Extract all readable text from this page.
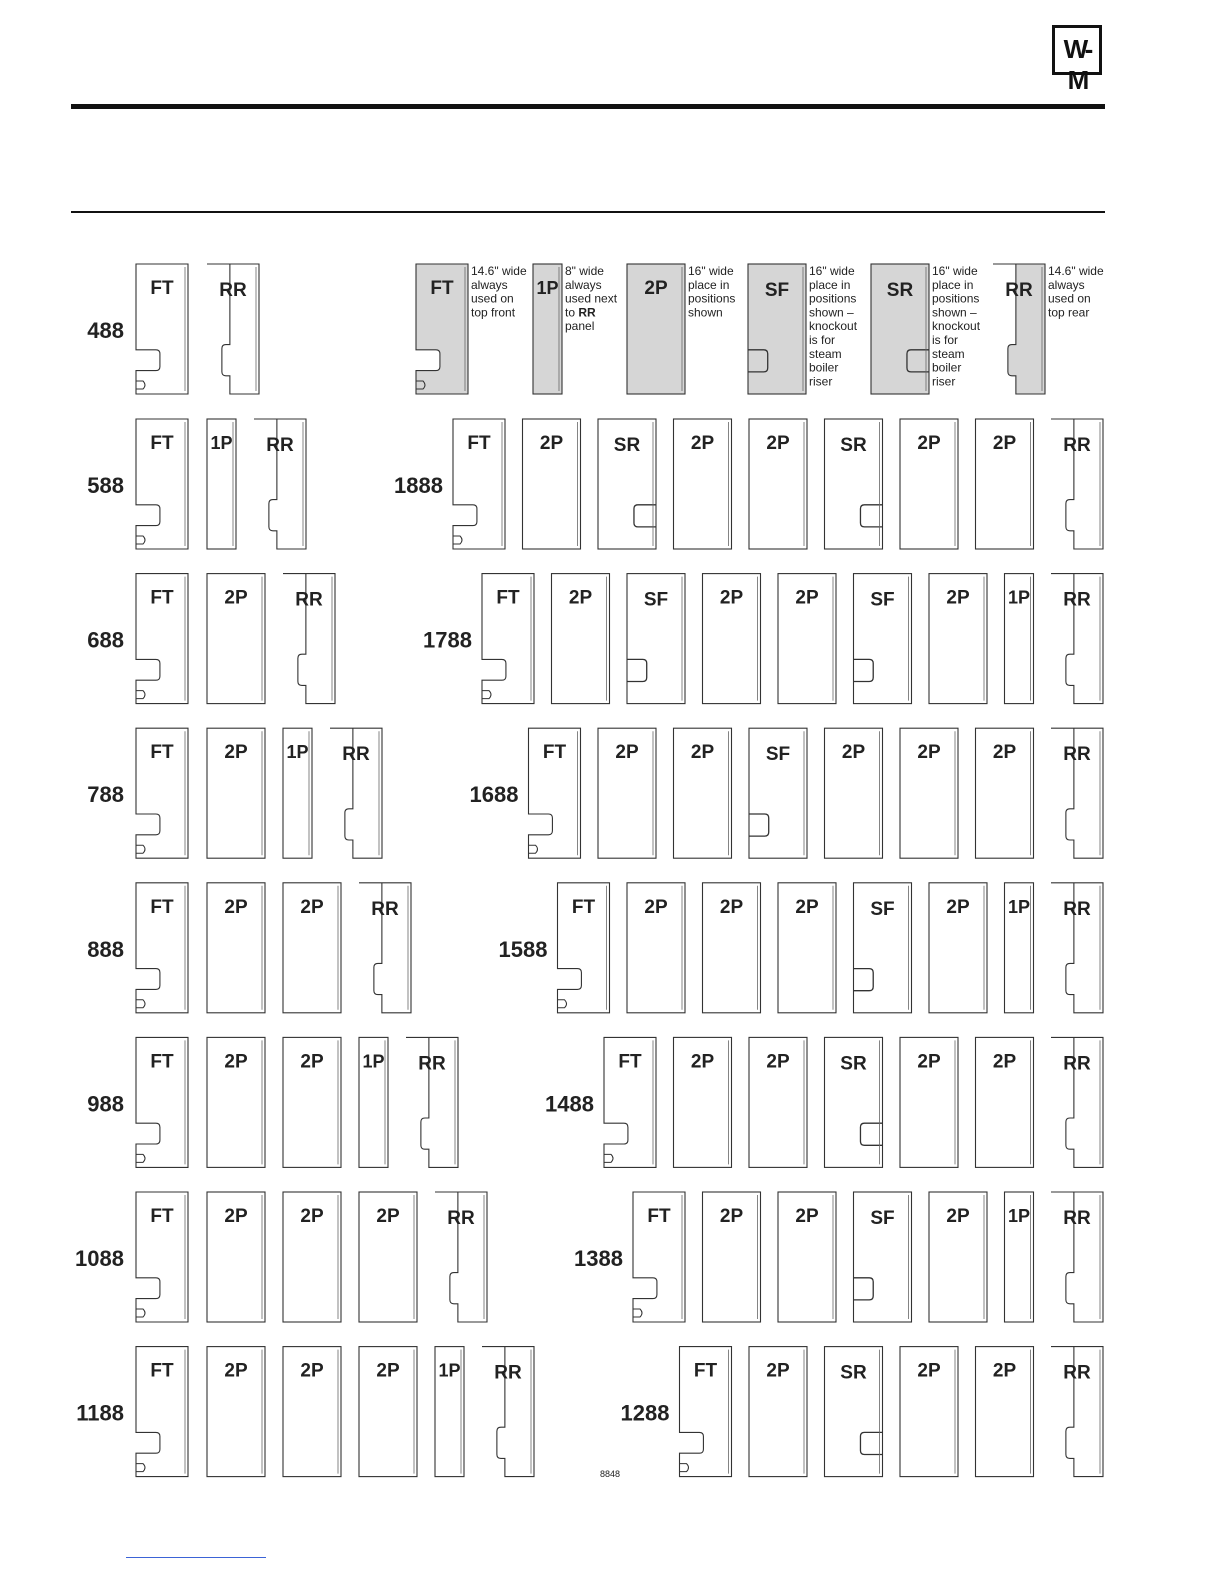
W-M
FT
14.6" wide always used on top front
1P
8" wide always used next to RR panel
2P
16" wide place in positions shown
SF
16" wide place in positions shown – knockout is for steam boiler riser
SR
16" wide place in positions shown – knockout is for steam boiler riser
RR
14.6" wide always used on top rear
488
FT RR
588
FT 1P RR
688
FT	2P	RR
788
FT	2P 1P RR
888
FT	2P	2P	RR
988
FT	2P	2P 1P RR
1088
FT	2P	2P	2P	RR
1188
FT	2P	2P	2P 1P RR
1888
FT	2P	SR	2P	2P	SR	2P	2P RR
1788
FT	2P	SF	2P	2P	SF	2P 1P RR
1688
FT	2P	2P	SF	2P	2P	2P RR
1588
FT	2P	2P	2P	SF	2P 1P RR
1488
FT	2P	2P	SR	2P	2P RR
1388
FT	2P	2P	SF	2P 1P RR
1288
FT	2P	SR	2P	2P RR
8848
